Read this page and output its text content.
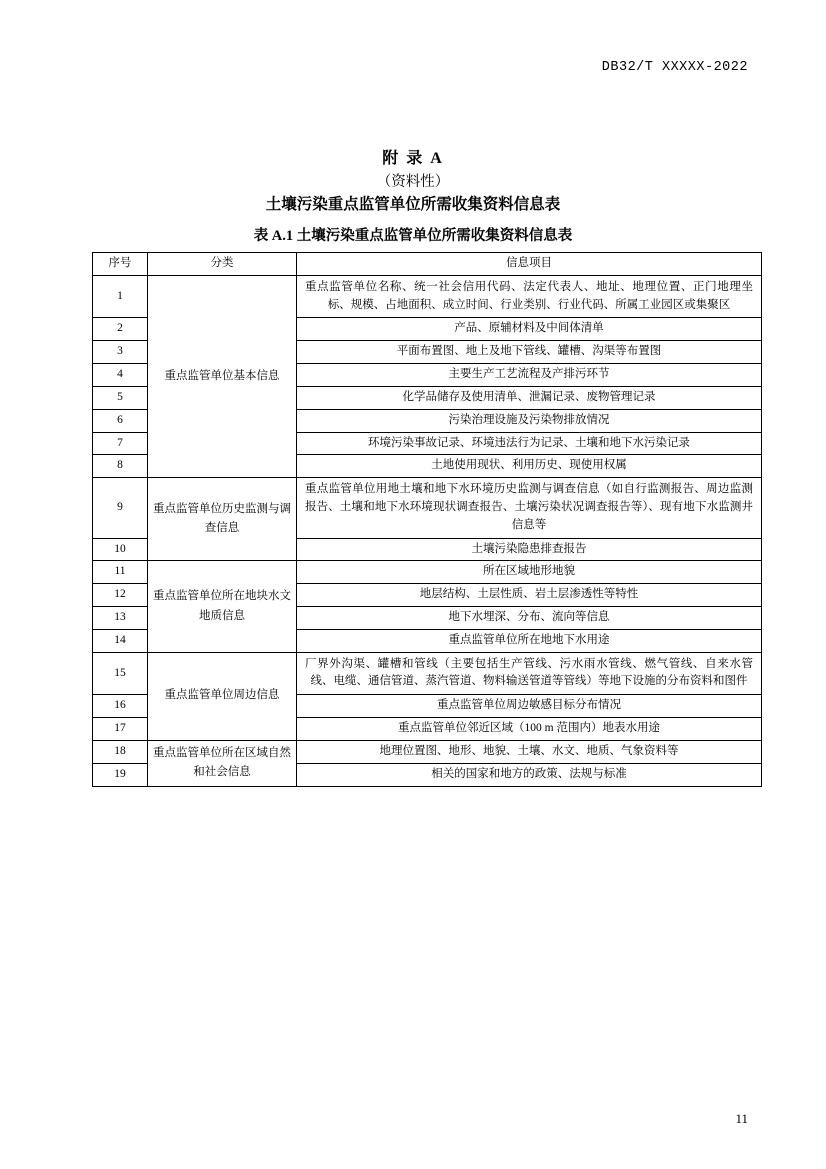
DB32/T XXXXX-2022
附 录 A
（资料性）
土壤污染重点监管单位所需收集资料信息表
表 A.1 土壤污染重点监管单位所需收集资料信息表
序号	分类	信息项目
1	重点监管单位基本信息	重点监管单位名称、统一社会信用代码、法定代表人、地址、地理位置、正门地理坐标、规模、占地面积、成立时间、行业类别、行业代码、所属工业园区或集聚区
2		产品、原辅材料及中间体清单
3		平面布置图、地上及地下管线、罐槽、沟渠等布置图
4		主要生产工艺流程及产排污环节
5		化学品储存及使用清单、泄漏记录、废物管理记录
6		污染治理设施及污染物排放情况
7		环境污染事故记录、环境违法行为记录、土壤和地下水污染记录
8		土地使用现状、利用历史、现使用权属
9	重点监管单位历史监测与调查信息	重点监管单位用地土壤和地下水环境历史监测与调查信息（如自行监测报告、周边监测报告、土壤和地下水环境现状调查报告、土壤污染状况调查报告等）、现有地下水监测井信息等
10		土壤污染隐患排查报告
11	重点监管单位所在地块水文地质信息	所在区域地形地貌
12		地层结构、土层性质、岩土层渗透性等特性
13		地下水埋深、分布、流向等信息
14		重点监管单位所在地地下水用途
15	重点监管单位周边信息	厂界外沟渠、罐槽和管线（主要包括生产管线、污水雨水管线、燃气管线、自来水管线、电缆、通信管道、蒸汽管道、物料输送管道等管线）等地下设施的分布资料和图件
16		重点监管单位周边敏感目标分布情况
17		重点监管单位邻近区域（100 m 范围内）地表水用途
18	重点监管单位所在区域自然和社会信息	地理位置图、地形、地貌、土壤、水文、地质、气象资料等
19		相关的国家和地方的政策、法规与标准
11
